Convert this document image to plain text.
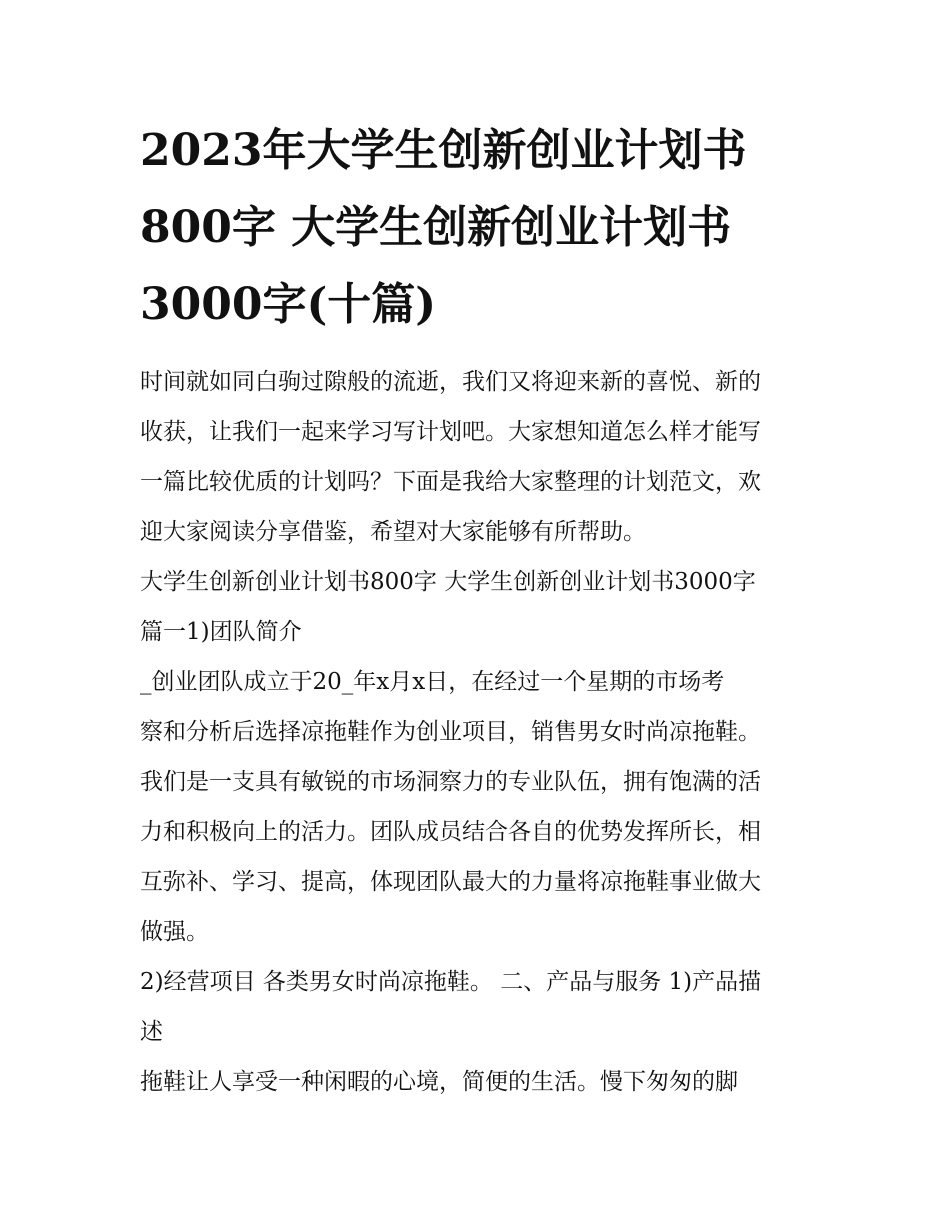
2023年大学生创新创业计划书
800字 大学生创新创业计划书
3000字(十篇)

时间就如同白驹过隙般的流逝，我们又将迎来新的喜悦、新的
收获，让我们一起来学习写计划吧。大家想知道怎么样才能写
一篇比较优质的计划吗？下面是我给大家整理的计划范文，欢
迎大家阅读分享借鉴，希望对大家能够有所帮助。

大学生创新创业计划书800字 大学生创新创业计划书3000字
篇一1)团队简介

_创业团队成立于20_年x月x日，在经过一个星期的市场考
察和分析后选择凉拖鞋作为创业项目，销售男女时尚凉拖鞋。
我们是一支具有敏锐的市场洞察力的专业队伍，拥有饱满的活
力和积极向上的活力。团队成员结合各自的优势发挥所长，相
互弥补、学习、提高，体现团队最大的力量将凉拖鞋事业做大
做强。

2)经营项目 各类男女时尚凉拖鞋。 二、产品与服务 1)产品描
述

拖鞋让人享受一种闲暇的心境，简便的生活。慢下匆匆的脚
